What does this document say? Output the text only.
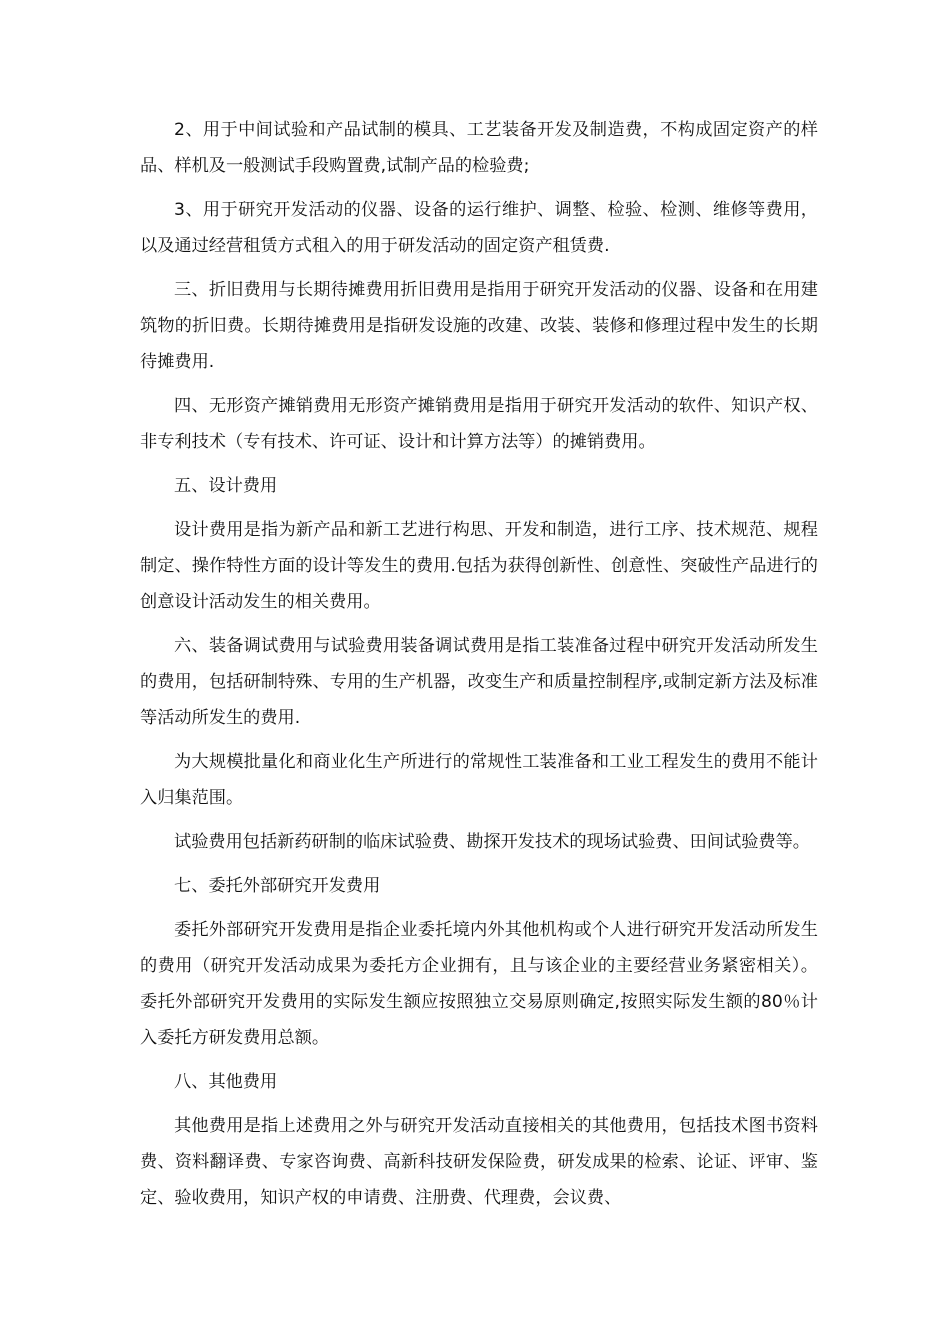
2、用于中间试验和产品试制的模具、工艺装备开发及制造费，不构成固定资产的样品、样机及一般测试手段购置费,试制产品的检验费;

3、用于研究开发活动的仪器、设备的运行维护、调整、检验、检测、维修等费用，以及通过经营租赁方式租入的用于研发活动的固定资产租赁费.

三、折旧费用与长期待摊费用折旧费用是指用于研究开发活动的仪器、设备和在用建筑物的折旧费。长期待摊费用是指研发设施的改建、改装、装修和修理过程中发生的长期待摊费用.

四、无形资产摊销费用无形资产摊销费用是指用于研究开发活动的软件、知识产权、非专利技术（专有技术、许可证、设计和计算方法等）的摊销费用。

五、设计费用

设计费用是指为新产品和新工艺进行构思、开发和制造，进行工序、技术规范、规程制定、操作特性方面的设计等发生的费用.包括为获得创新性、创意性、突破性产品进行的创意设计活动发生的相关费用。

六、装备调试费用与试验费用装备调试费用是指工装准备过程中研究开发活动所发生的费用，包括研制特殊、专用的生产机器，改变生产和质量控制程序,或制定新方法及标准等活动所发生的费用.

为大规模批量化和商业化生产所进行的常规性工装准备和工业工程发生的费用不能计入归集范围。

试验费用包括新药研制的临床试验费、勘探开发技术的现场试验费、田间试验费等。

七、委托外部研究开发费用

委托外部研究开发费用是指企业委托境内外其他机构或个人进行研究开发活动所发生的费用（研究开发活动成果为委托方企业拥有，且与该企业的主要经营业务紧密相关）。委托外部研究开发费用的实际发生额应按照独立交易原则确定,按照实际发生额的80％计入委托方研发费用总额。

八、其他费用

其他费用是指上述费用之外与研究开发活动直接相关的其他费用，包括技术图书资料费、资料翻译费、专家咨询费、高新科技研发保险费，研发成果的检索、论证、评审、鉴定、验收费用，知识产权的申请费、注册费、代理费，会议费、
